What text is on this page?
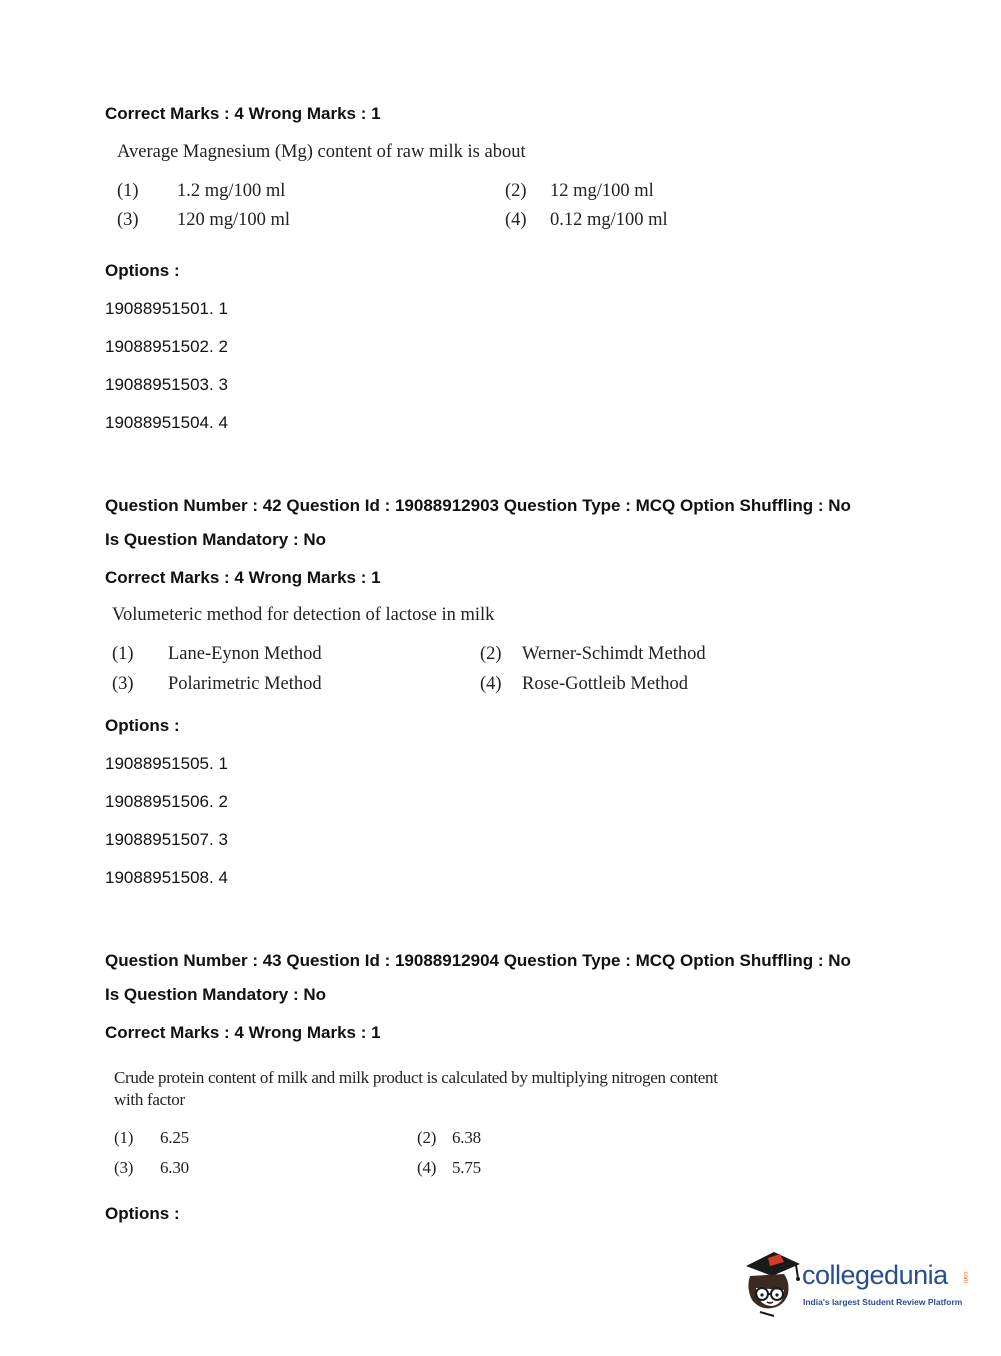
Correct Marks : 4 Wrong Marks : 1
Average Magnesium (Mg) content of raw milk is about
(1) 1.2 mg/100 ml	(2) 12 mg/100 ml
(3) 120 mg/100 ml	(4) 0.12 mg/100 ml
Options :
19088951501. 1
19088951502. 2
19088951503. 3
19088951504. 4
Question Number : 42 Question Id : 19088912903 Question Type : MCQ Option Shuffling : No
Is Question Mandatory : No
Correct Marks : 4 Wrong Marks : 1
Volumeteric method for detection of lactose in milk
(1) Lane-Eynon Method	(2) Werner-Schimdt Method
(3) Polarimetric Method	(4) Rose-Gottleib Method
Options :
19088951505. 1
19088951506. 2
19088951507. 3
19088951508. 4
Question Number : 43 Question Id : 19088912904 Question Type : MCQ Option Shuffling : No
Is Question Mandatory : No
Correct Marks : 4 Wrong Marks : 1
Crude protein content of milk and milk product is calculated by multiplying nitrogen content
with factor
(1) 6.25	(2) 6.38
(3) 6.30	(4) 5.75
Options :
collegedunia .com
India's largest Student Review Platform
